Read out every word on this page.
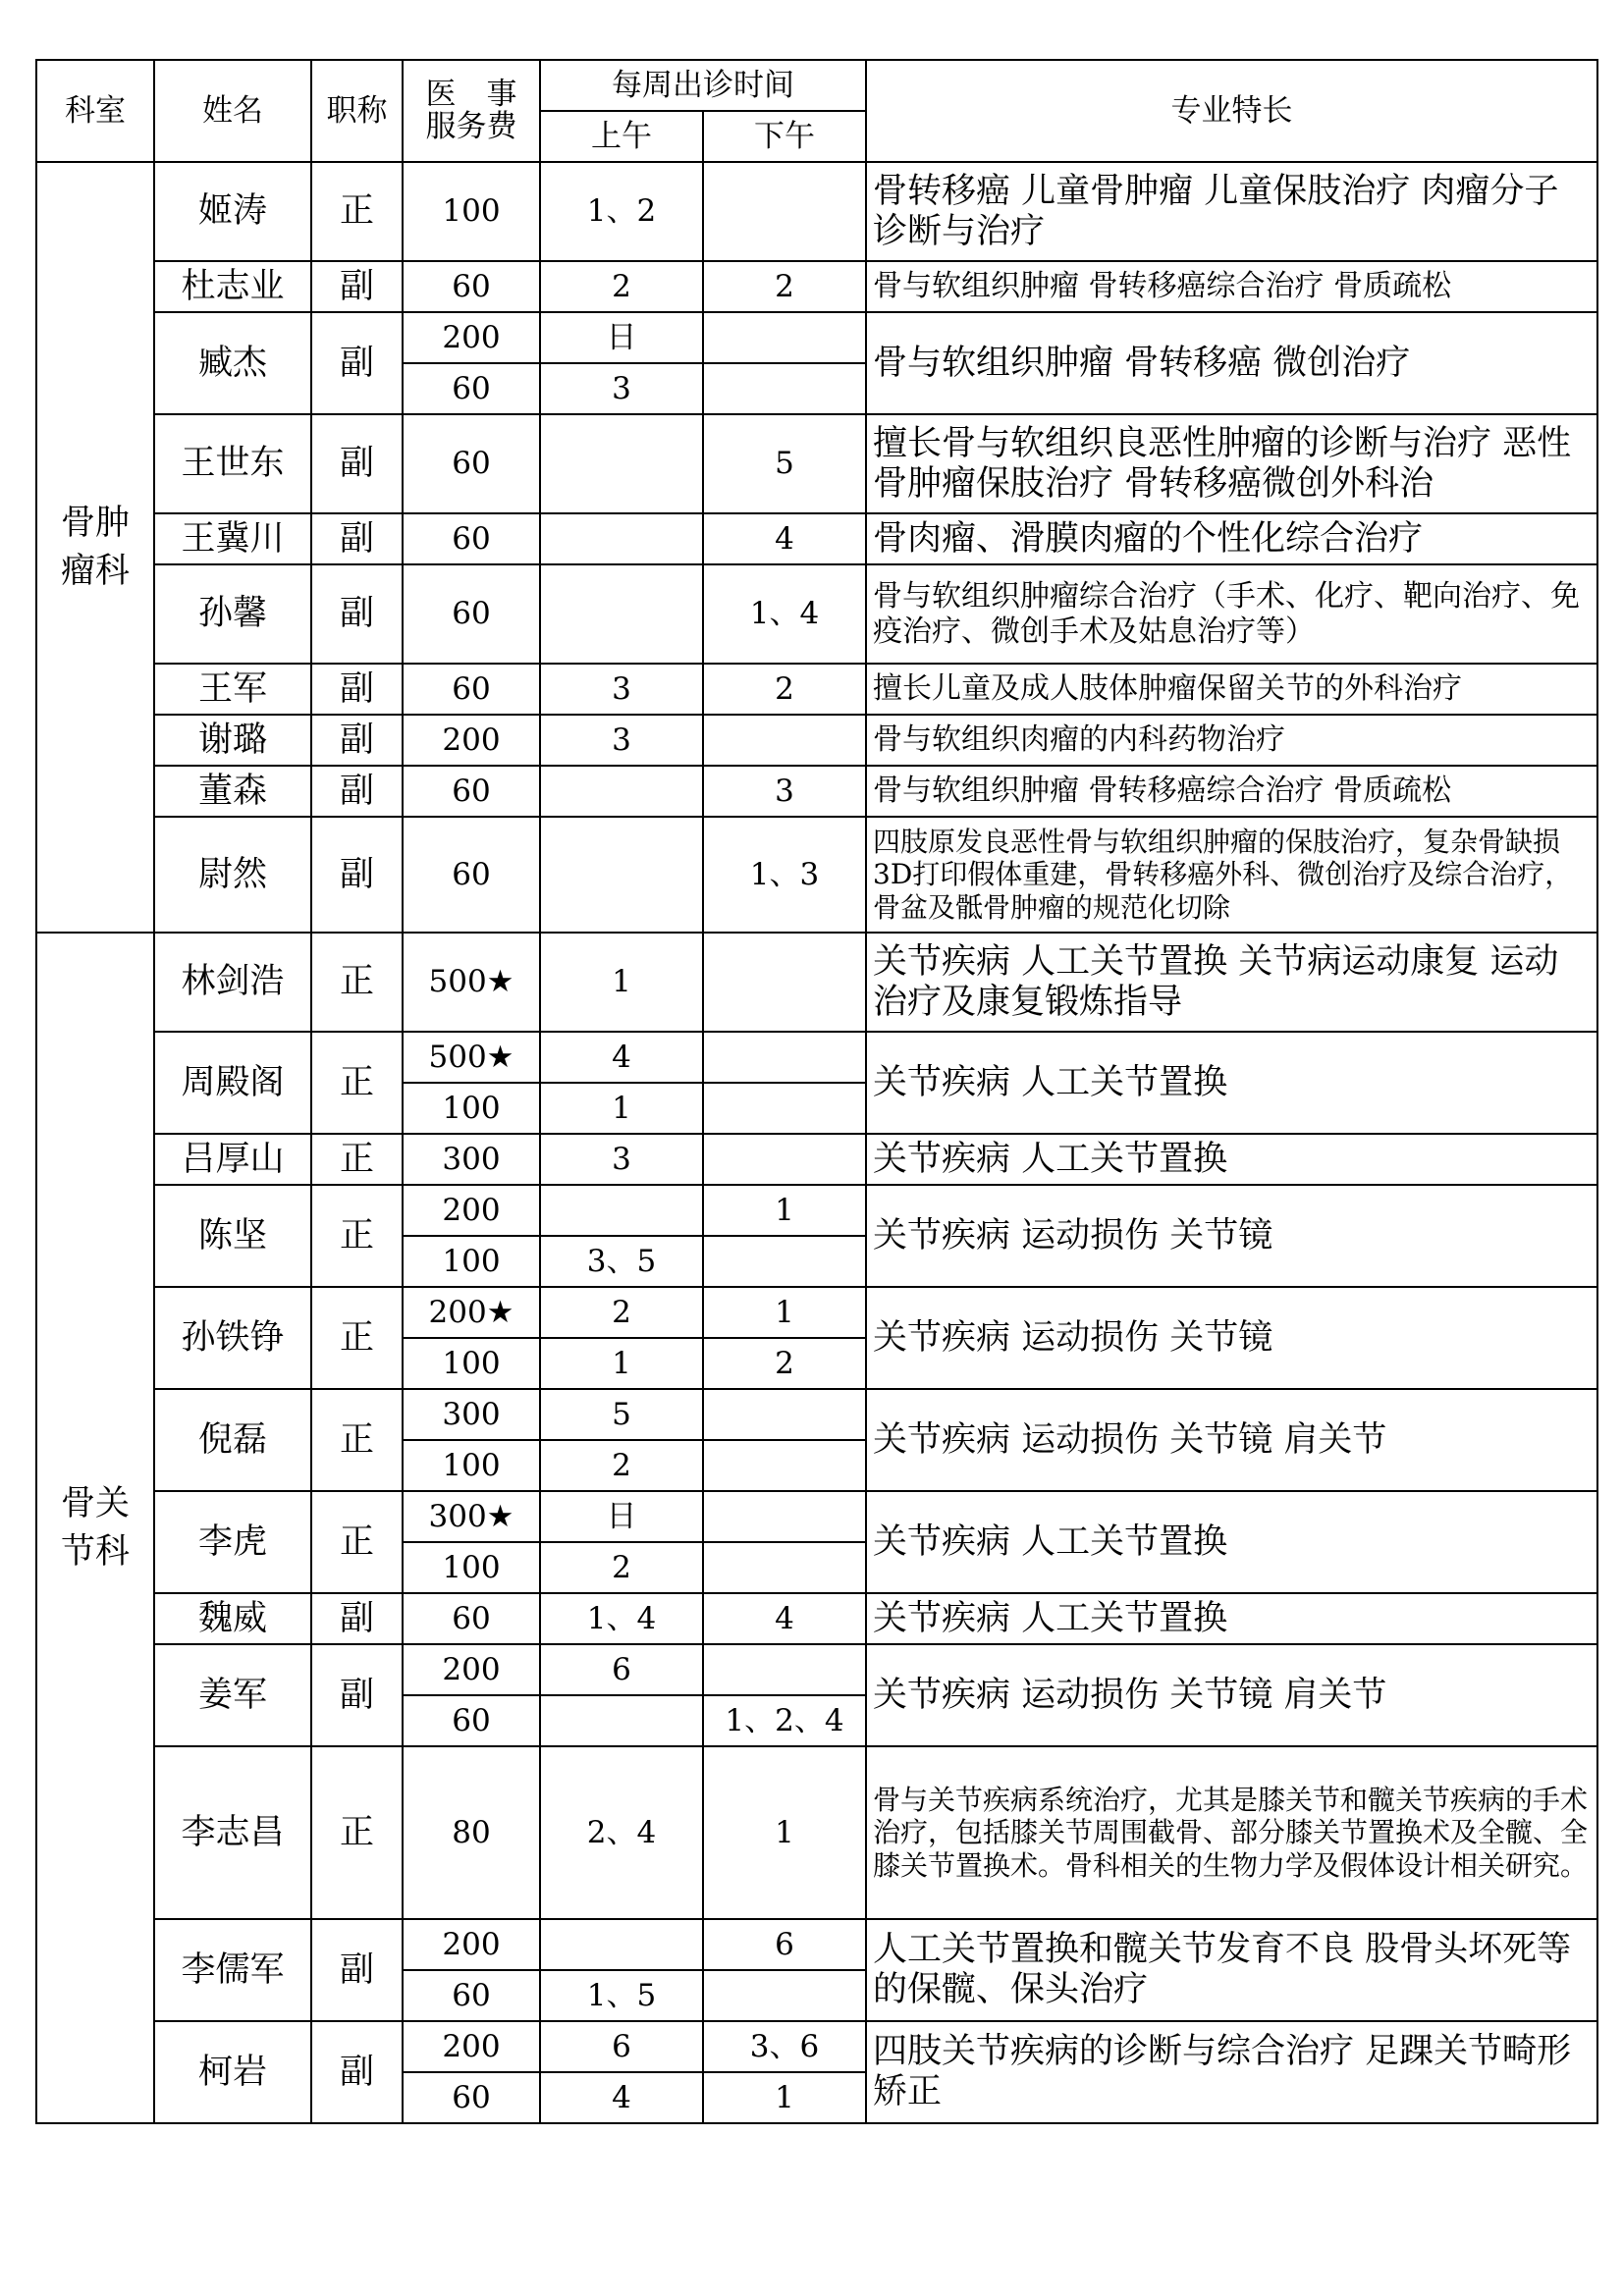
科室	姓名	职称	医　事
服务费	每周出诊时间		专业特长
				上午	下午	

骨肿
瘤科	姬涛	正	100	1、2		骨转移癌 儿童骨肿瘤 儿童保肢治疗 肉瘤分子 诊断与治疗
	杜志业	副	60	2	2	骨与软组织肿瘤 骨转移癌综合治疗 骨质疏松
	臧杰	副	200	日		骨与软组织肿瘤 骨转移癌 微创治疗
			60	3		
	王世东	副	60		5	擅长骨与软组织良恶性肿瘤的诊断与治疗 恶性骨肿瘤保肢治疗 骨转移癌微创外科治
	王冀川	副	60		4	骨肉瘤、滑膜肉瘤的个性化综合治疗
	孙馨	副	60		1、4	骨与软组织肿瘤综合治疗（手术、化疗、靶向治疗、免疫治疗、微创手术及姑息治疗等）
	王军	副	60	3	2	擅长儿童及成人肢体肿瘤保留关节的外科治疗
	谢璐	副	200	3		骨与软组织肉瘤的内科药物治疗
	董森	副	60		3	骨与软组织肿瘤 骨转移癌综合治疗 骨质疏松
	尉然	副	60		1、3	四肢原发良恶性骨与软组织肿瘤的保肢治疗，复杂骨缺损3D打印假体重建，骨转移癌外科、微创治疗及综合治疗，骨盆及骶骨肿瘤的规范化切除

骨关
节科	林剑浩	正	500★	1		关节疾病 人工关节置换 关节病运动康复 运动治疗及康复锻炼指导
	周殿阁	正	500★	4		关节疾病 人工关节置换
			100	1		
	吕厚山	正	300	3		关节疾病 人工关节置换
	陈坚	正	200		1	关节疾病 运动损伤 关节镜
			100	3、5		
	孙铁铮	正	200★	2	1	关节疾病 运动损伤 关节镜
			100	1	2	
	倪磊	正	300	5		关节疾病 运动损伤 关节镜 肩关节
			100	2		
	李虎	正	300★	日		关节疾病 人工关节置换
			100	2		
	魏威	副	60	1、4	4	关节疾病 人工关节置换
	姜军	副	200	6		关节疾病 运动损伤 关节镜 肩关节
			60		1、2、4	
	李志昌	正	80	2、4	1	骨与关节疾病系统治疗，尤其是膝关节和髋关节疾病的手术治疗，包括膝关节周围截骨、部分膝关节置换术及全髋、全膝关节置换术。骨科相关的生物力学及假体设计相关研究。
	李儒军	副	200		6	人工关节置换和髋关节发育不良 股骨头坏死等的保髋、保头治疗
			60	1、5		
	柯岩	副	200	6	3、6	四肢关节疾病的诊断与综合治疗 足踝关节畸形矫正
			60	4	1	
